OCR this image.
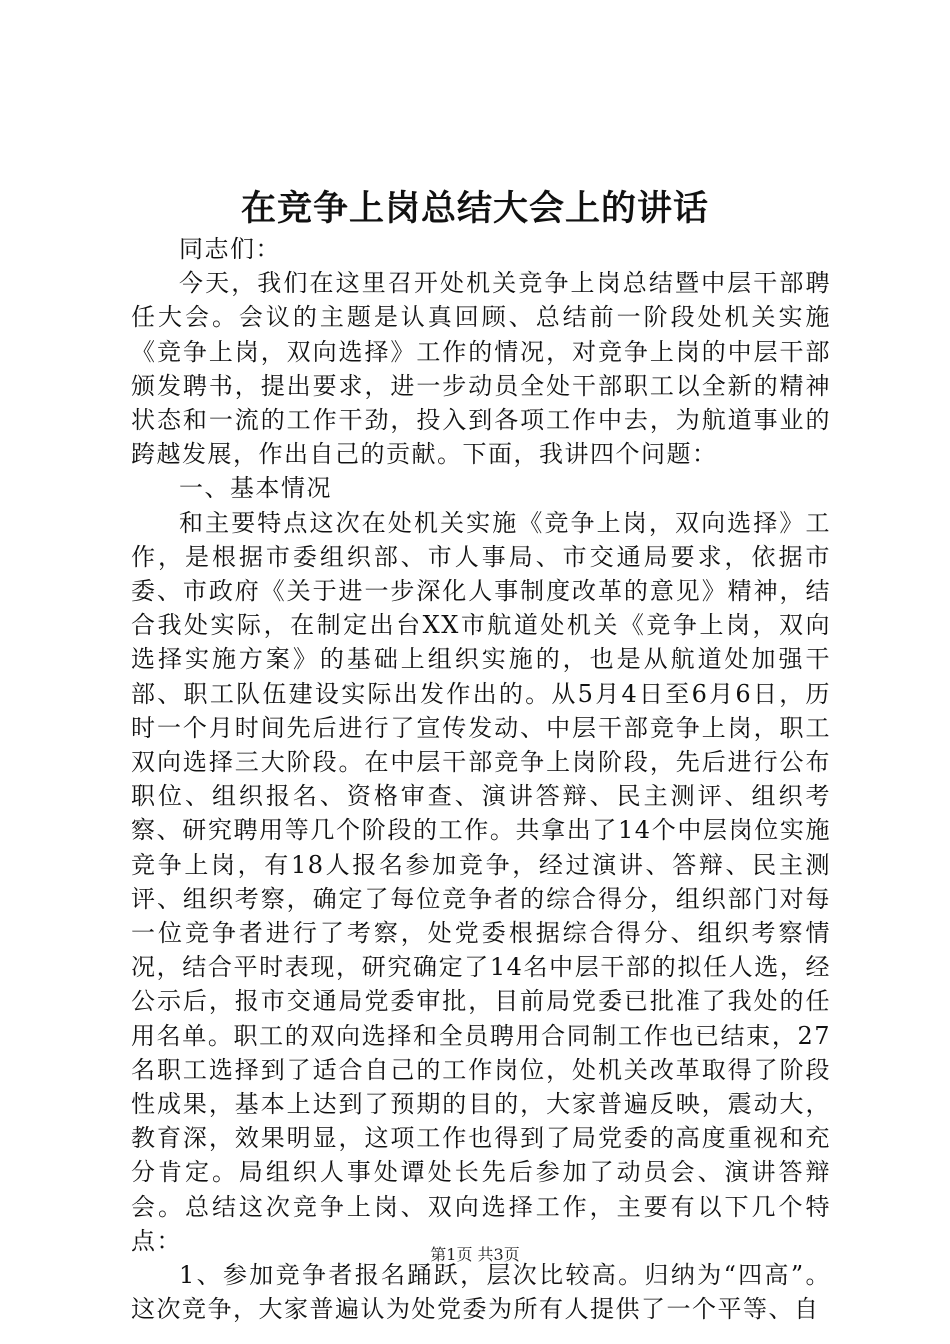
在竞争上岗总结大会上的讲话

同志们：

今天，我们在这里召开处机关竞争上岗总结暨中层干部聘任大会。会议的主题是认真回顾、总结前一阶段处机关实施《竞争上岗，双向选择》工作的情况，对竞争上岗的中层干部颁发聘书，提出要求，进一步动员全处干部职工以全新的精神状态和一流的工作干劲，投入到各项工作中去，为航道事业的跨越发展，作出自己的贡献。下面，我讲四个问题：

一、基本情况

和主要特点这次在处机关实施《竞争上岗，双向选择》工作，是根据市委组织部、市人事局、市交通局要求，依据市委、市政府《关于进一步深化人事制度改革的意见》精神，结合我处实际，在制定出台XX市航道处机关《竞争上岗，双向选择实施方案》的基础上组织实施的，也是从航道处加强干部、职工队伍建设实际出发作出的。从5月4日至6月6日，历时一个月时间先后进行了宣传发动、中层干部竞争上岗，职工双向选择三大阶段。在中层干部竞争上岗阶段，先后进行公布职位、组织报名、资格审查、演讲答辩、民主测评、组织考察、研究聘用等几个阶段的工作。共拿出了14个中层岗位实施竞争上岗，有18人报名参加竞争，经过演讲、答辩、民主测评、组织考察，确定了每位竞争者的综合得分，组织部门对每一位竞争者进行了考察，处党委根据综合得分、组织考察情况，结合平时表现，研究确定了14名中层干部的拟任人选，经公示后，报市交通局党委审批，目前局党委已批准了我处的任用名单。职工的双向选择和全员聘用合同制工作也已结束，27名职工选择到了适合自己的工作岗位，处机关改革取得了阶段性成果，基本上达到了预期的目的，大家普遍反映，震动大，教育深，效果明显，这项工作也得到了局党委的高度重视和充分肯定。局组织人事处谭处长先后参加了动员会、演讲答辩会。总结这次竞争上岗、双向选择工作，主要有以下几个特点：

1、参加竞争者报名踊跃，层次比较高。归纳为“四高”。这次竞争，大家普遍认为处党委为所有人提供了一个平等、自

第1页 共3页
